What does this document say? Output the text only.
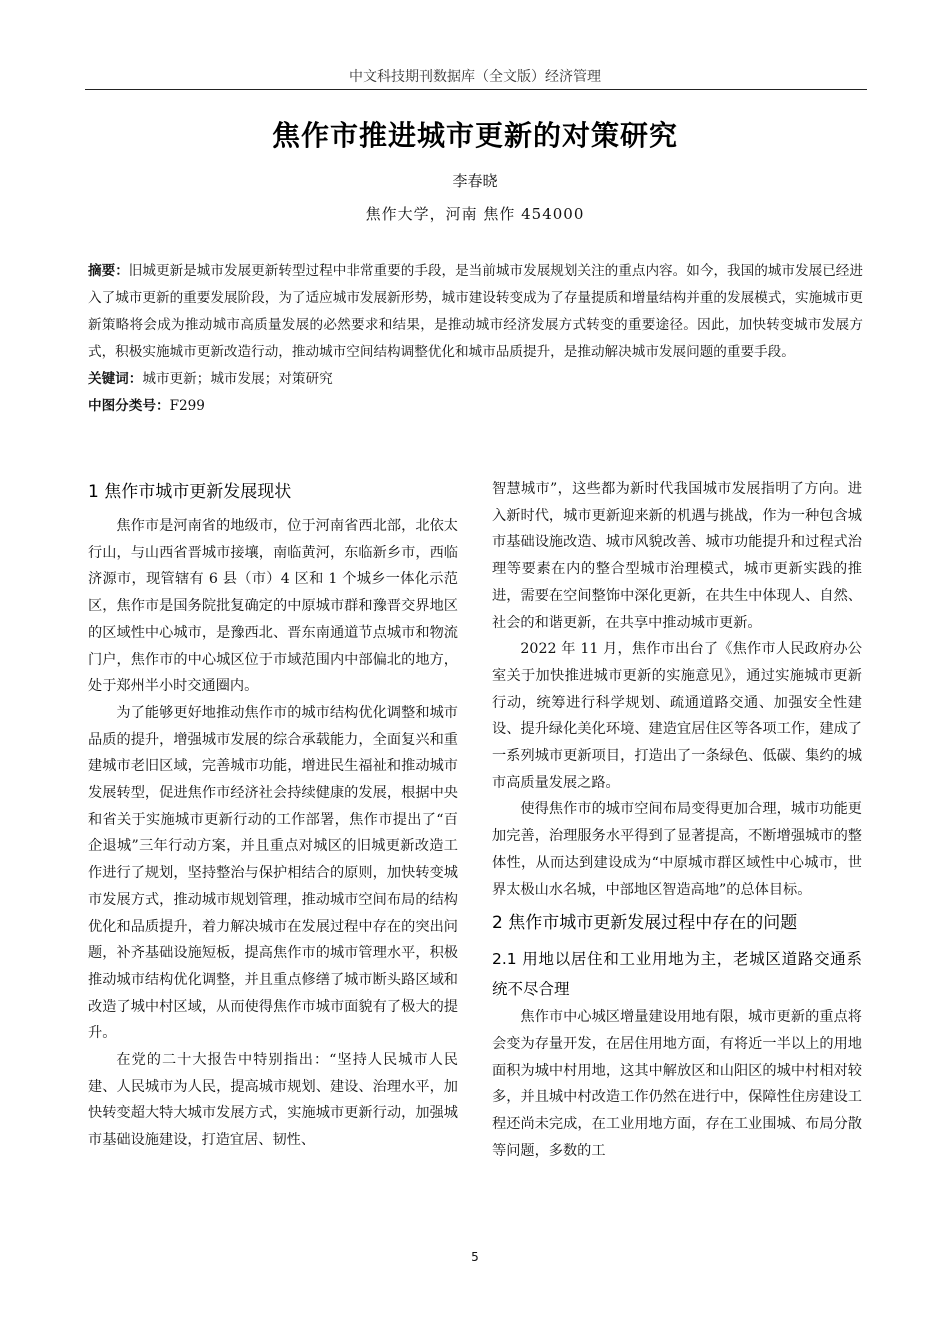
中文科技期刊数据库（全文版）经济管理
焦作市推进城市更新的对策研究
李春晓
焦作大学，河南 焦作 454000

摘要：旧城更新是城市发展更新转型过程中非常重要的手段，是当前城市发展规划关注的重点内容。如今，我国的城市发展已经进入了城市更新的重要发展阶段，为了适应城市发展新形势，城市建设转变成为了存量提质和增量结构并重的发展模式，实施城市更新策略将会成为推动城市高质量发展的必然要求和结果，是推动城市经济发展方式转变的重要途径。因此，加快转变城市发展方式，积极实施城市更新改造行动，推动城市空间结构调整优化和城市品质提升，是推动解决城市发展问题的重要手段。

关键词：城市更新；城市发展；对策研究

中图分类号：F299

1 焦作市城市更新发展现状

焦作市是河南省的地级市，位于河南省西北部，北依太行山，与山西省晋城市接壤，南临黄河，东临新乡市，西临济源市，现管辖有 6 县（市）4 区和 1 个城乡一体化示范区，焦作市是国务院批复确定的中原城市群和豫晋交界地区的区域性中心城市，是豫西北、晋东南通道节点城市和物流门户，焦作市的中心城区位于市域范围内中部偏北的地方，处于郑州半小时交通圈内。

为了能够更好地推动焦作市的城市结构优化调整和城市品质的提升，增强城市发展的综合承载能力，全面复兴和重建城市老旧区域，完善城市功能，增进民生福祉和推动城市发展转型，促进焦作市经济社会持续健康的发展，根据中央和省关于实施城市更新行动的工作部署，焦作市提出了“百企退城”三年行动方案，并且重点对城区的旧城更新改造工作进行了规划，坚持整治与保护相结合的原则，加快转变城市发展方式，推动城市规划管理，推动城市空间布局的结构优化和品质提升，着力解决城市在发展过程中存在的突出问题，补齐基础设施短板，提高焦作市的城市管理水平，积极推动城市结构优化调整，并且重点修缮了城市断头路区域和改造了城中村区域，从而使得焦作市城市面貌有了极大的提升。

在党的二十大报告中特别指出：“坚持人民城市人民建、人民城市为人民，提高城市规划、建设、治理水平，加快转变超大特大城市发展方式，实施城市更新行动，加强城市基础设施建设，打造宜居、韧性、

智慧城市”，这些都为新时代我国城市发展指明了方向。进入新时代，城市更新迎来新的机遇与挑战，作为一种包含城市基础设施改造、城市风貌改善、城市功能提升和过程式治理等要素在内的整合型城市治理模式，城市更新实践的推进，需要在空间整饰中深化更新，在共生中体现人、自然、社会的和谐更新，在共享中推动城市更新。

2022 年 11 月，焦作市出台了《焦作市人民政府办公室关于加快推进城市更新的实施意见》，通过实施城市更新行动，统筹进行科学规划、疏通道路交通、加强安全性建设、提升绿化美化环境、建造宜居住区等各项工作，建成了一系列城市更新项目，打造出了一条绿色、低碳、集约的城市高质量发展之路。

使得焦作市的城市空间布局变得更加合理，城市功能更加完善，治理服务水平得到了显著提高，不断增强城市的整体性，从而达到建设成为“中原城市群区域性中心城市，世界太极山水名城，中部地区智造高地”的总体目标。

2 焦作市城市更新发展过程中存在的问题
2.1 用地以居住和工业用地为主，老城区道路交通系统不尽合理

焦作市中心城区增量建设用地有限，城市更新的重点将会变为存量开发，在居住用地方面，有将近一半以上的用地面积为城中村用地，这其中解放区和山阳区的城中村相对较多，并且城中村改造工作仍然在进行中，保障性住房建设工程还尚未完成，在工业用地方面，存在工业围城、布局分散等问题，多数的工

5
